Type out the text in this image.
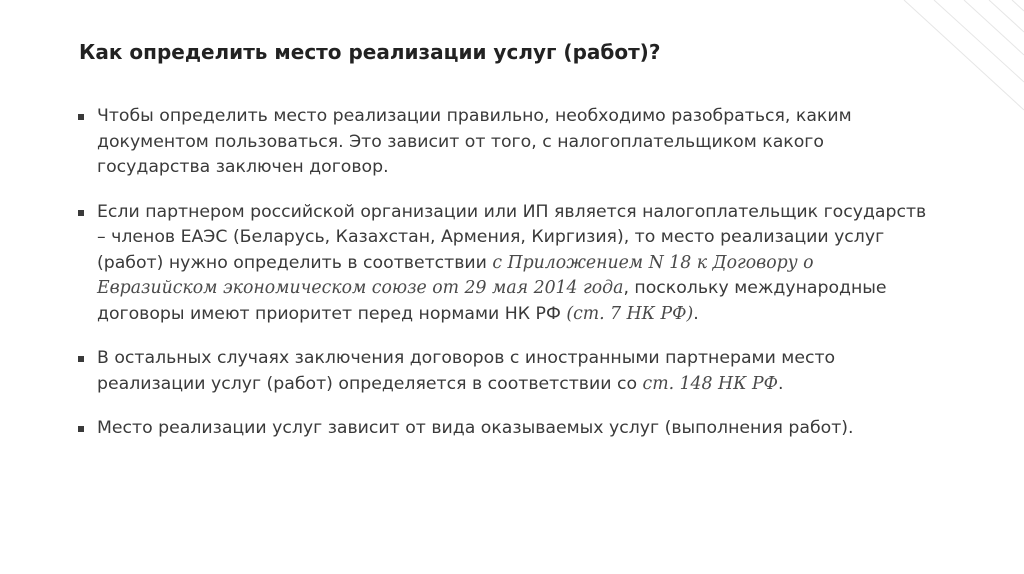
Как определить место реализации услуг (работ)?
Чтобы определить место реализации правильно, необходимо разобраться, каким документом пользоваться. Это зависит от того, с налогоплательщиком какого государства заключен договор.
Если партнером российской организации или ИП является налогоплательщик государств – членов ЕАЭС (Беларусь, Казахстан, Армения, Киргизия), то место реализации услуг (работ) нужно определить в соответствии с Приложением N 18 к Договору о Евразийском экономическом союзе от 29 мая 2014 года, поскольку международные договоры имеют приоритет перед нормами НК РФ (ст. 7 НК РФ).
В остальных случаях заключения договоров с иностранными партнерами место реализации услуг (работ) определяется в соответствии со ст. 148 НК РФ.
Место реализации услуг зависит от вида оказываемых услуг (выполнения работ).
